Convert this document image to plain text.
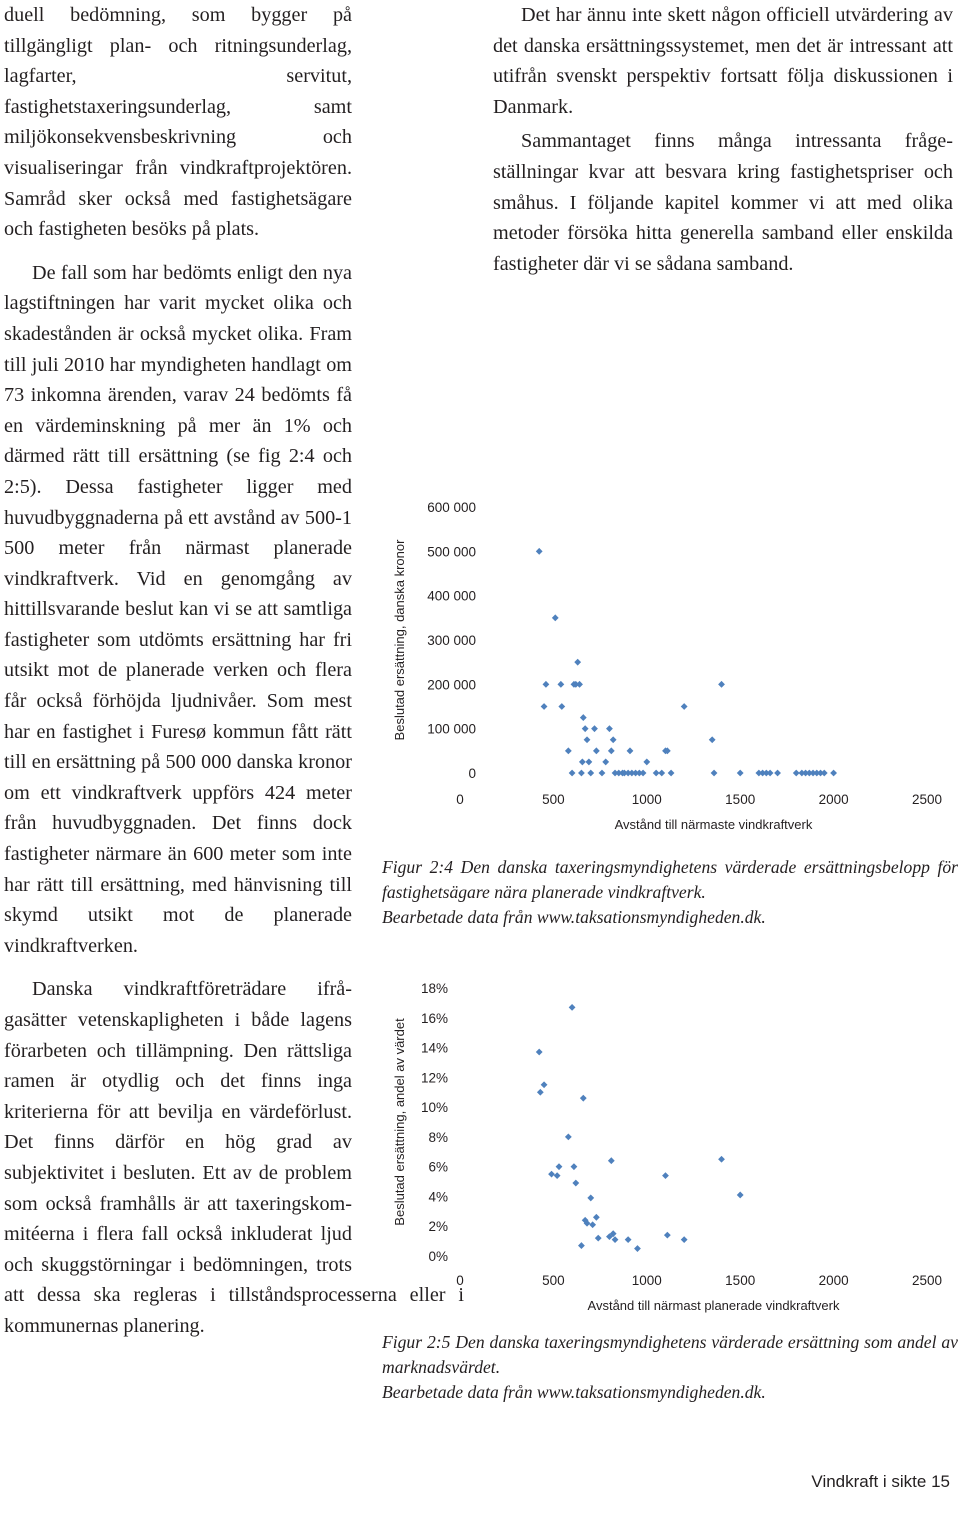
duell bedömning, som bygger på tillgängligt plan- och ritningsunderlag, lagfarter, servitut, fastighetstaxeringsunderlag, samt miljökonsekvensbeskrivning och visualiseringar från vindkraftprojektören. Samråd sker också med fastighetsägare och fastigheten besöks på plats.

De fall som har bedömts enligt den nya lagstiftningen har varit mycket olika och skadestånden är också mycket olika. Fram till juli 2010 har myndigheten handlagt om 73 inkomna ärenden, varav 24 bedömts få en värdeminskning på mer än 1% och därmed rätt till ersättning (se fig 2:4 och 2:5). Dessa fastigheter ligger med huvudbyggnaderna på ett avstånd av 500-1 500 meter från närmast planerade vindkraftverk. Vid en genomgång av hittillsvarande beslut kan vi se att samtliga fastigheter som utdömts ersättning har fri utsikt mot de planerade verken och flera får också förhöjda ljudnivåer. Som mest har en fastighet i Furesø kommun fått rätt till en ersättning på 500 000 danska kronor om ett vindkraftverk uppförs 424 meter från huvudbyggnaden. Det finns dock fastigheter närmare än 600 meter som inte har rätt till ersättning, med hänvisning till skymd utsikt mot de planerade vindkraftverken.

Danska vindkraftföreträdare ifrågasätter vetenskapligheten i både lagens förarbeten och tillämpning. Den rättsliga ramen är otydlig och det finns inga kriterierna för att bevilja en värdeförlust. Det finns därför en hög grad av subjektivitet i besluten. Ett av de problem som också framhålls är att taxeringskommitéerna i flera fall också inkluderat ljud och skuggstörningar i bedömningen, trots att dessa ska regleras i tillståndsprocesserna eller i kommunernas planering.

Det har ännu inte skett någon officiell utvärdering av det danska ersättningssystemet, men det är intressant att utifrån svenskt perspektiv fortsatt följa diskussionen i Danmark.

Sammantaget finns många intressanta frågeställningar kvar att besvara kring fastighetspriser och småhus. I följande kapitel kommer vi att med olika metoder försöka hitta generella samband eller enskilda fastigheter där vi se sådana samband.

0
100 000
200 000
300 000
400 000
500 000
600 000
0	500	1000	1500	2000	2500
Avstånd till närmaste vindkraftverk
Beslutad ersättning, danska kronor

Figur 2:4 Den danska taxeringsmyndighetens värderade ersättningsbelopp för fastighetsägare nära planerade vindkraftverk.

Bearbetade data från www.taksationsmyndigheden.dk.

0%
2%
4%
6%
8%
10%
12%
14%
16%
18%
0	500	1000	1500	2000	2500
Avstånd till närmast planerade vindkraftverk
Beslutad ersättning, andel av värdet

Figur 2:5 Den danska taxeringsmyndighetens värderade ersättning som andel av marknadsvärdet.

Bearbetade data från www.taksationsmyndigheden.dk.

Vindkraft i sikte 15
